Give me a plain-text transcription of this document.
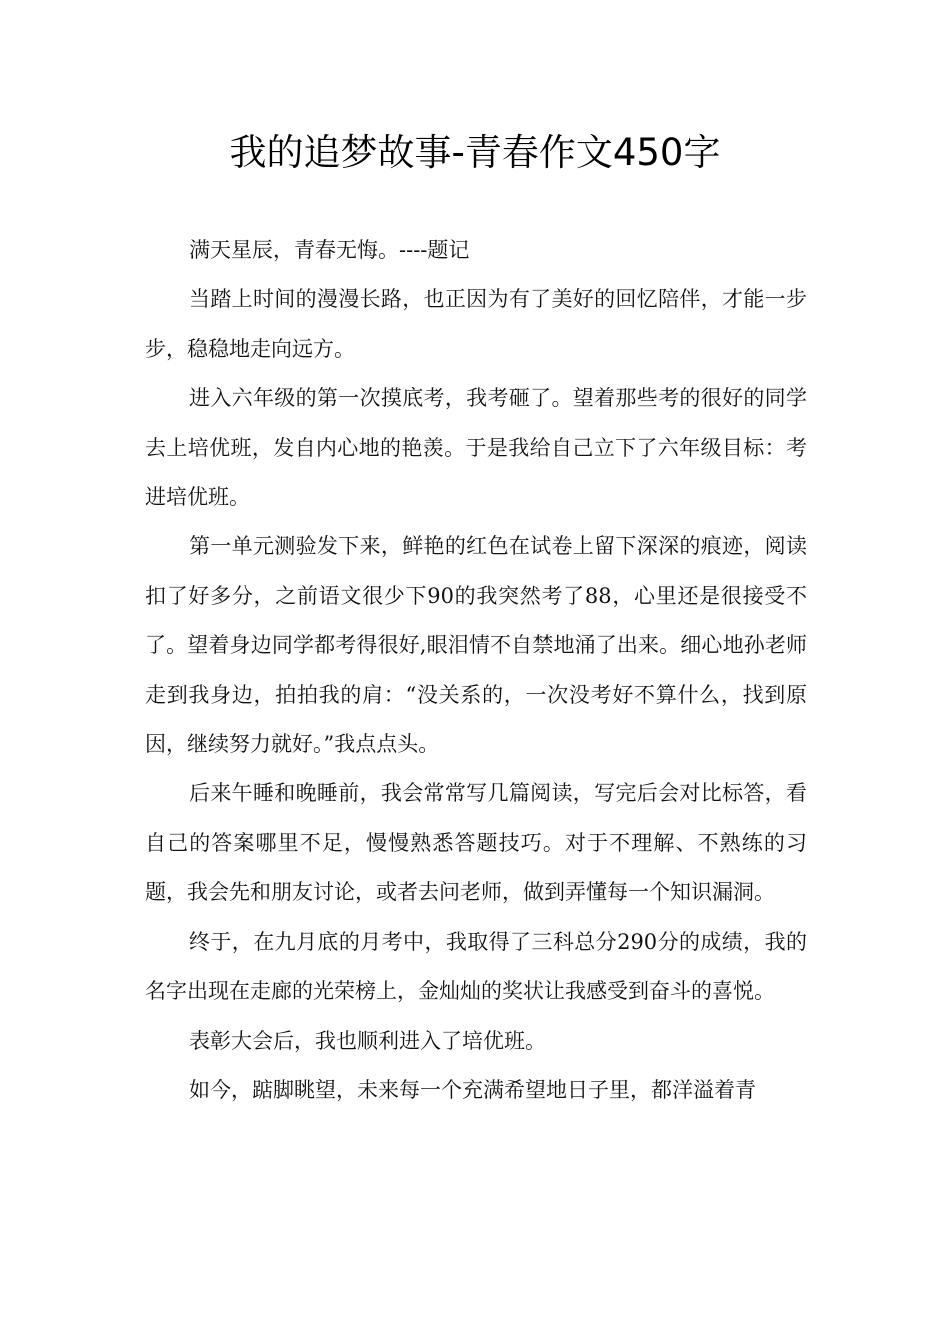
我的追梦故事-青春作文450字

满天星辰，青春无悔。----题记

当踏上时间的漫漫长路，也正因为有了美好的回忆陪伴，才能一步步，稳稳地走向远方。

进入六年级的第一次摸底考，我考砸了。望着那些考的很好的同学去上培优班，发自内心地的艳羡。于是我给自己立下了六年级目标：考进培优班。

第一单元测验发下来，鲜艳的红色在试卷上留下深深的痕迹，阅读扣了好多分，之前语文很少下90的我突然考了88，心里还是很接受不了。望着身边同学都考得很好,眼泪情不自禁地涌了出来。细心地孙老师走到我身边，拍拍我的肩：“没关系的，一次没考好不算什么，找到原因，继续努力就好。”我点点头。

后来午睡和晚睡前，我会常常写几篇阅读，写完后会对比标答，看自己的答案哪里不足，慢慢熟悉答题技巧。对于不理解、不熟练的习题，我会先和朋友讨论，或者去问老师，做到弄懂每一个知识漏洞。

终于，在九月底的月考中，我取得了三科总分290分的成绩，我的名字出现在走廊的光荣榜上，金灿灿的奖状让我感受到奋斗的喜悦。

表彰大会后，我也顺利进入了培优班。

如今，踮脚眺望，未来每一个充满希望地日子里，都洋溢着青
